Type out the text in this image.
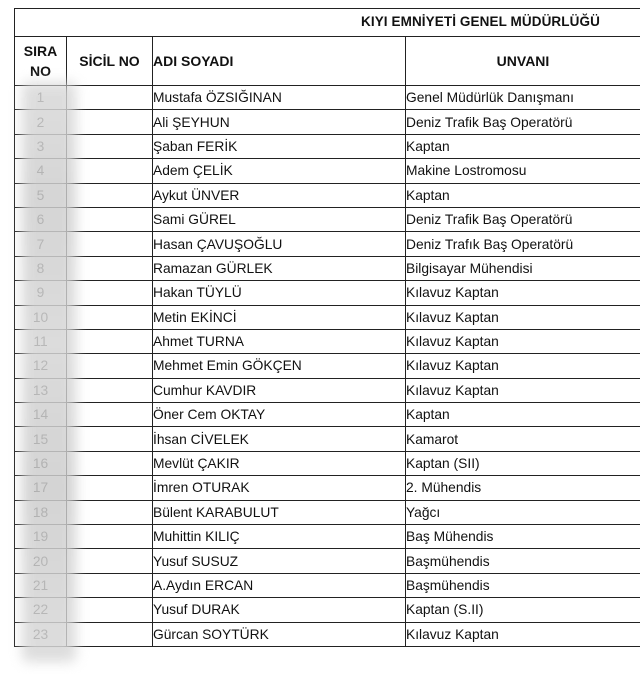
KIYI EMNİYETİ GENEL MÜDÜRLÜĞÜ
SIRA
NO	SİCİL NO	ADI SOYADI	UNVANI
		Mustafa ÖZSIĞINAN	Genel Müdürlük Danışmanı
		Ali ŞEYHUN	Deniz Trafik Baş Operatörü
		Şaban FERİK	Kaptan
		Adem ÇELİK	Makine Lostromosu
		Aykut ÜNVER	Kaptan
		Sami GÜREL	Deniz Trafik Baş Operatörü
		Hasan ÇAVUŞOĞLU	Deniz Trafık Baş Operatörü
		Ramazan GÜRLEK	Bilgisayar Mühendisi
		Hakan TÜYLÜ	Kılavuz Kaptan
		Metin EKİNCİ	Kılavuz Kaptan
		Ahmet TURNA	Kılavuz Kaptan
		Mehmet Emin GÖKÇEN	Kılavuz Kaptan
		Cumhur KAVDIR	Kılavuz Kaptan
		Öner Cem OKTAY	Kaptan
		İhsan CİVELEK	Kamarot
		Mevlüt ÇAKIR	Kaptan (SII)
		İmren OTURAK	2. Mühendis
		Bülent KARABULUT	Yağcı
		Muhittin KILIÇ	Baş Mühendis
		Yusuf SUSUZ	Başmühendis
		A.Aydın ERCAN	Başmühendis
		Yusuf DURAK	Kaptan (S.II)
		Gürcan SOYTÜRK	Kılavuz Kaptan
